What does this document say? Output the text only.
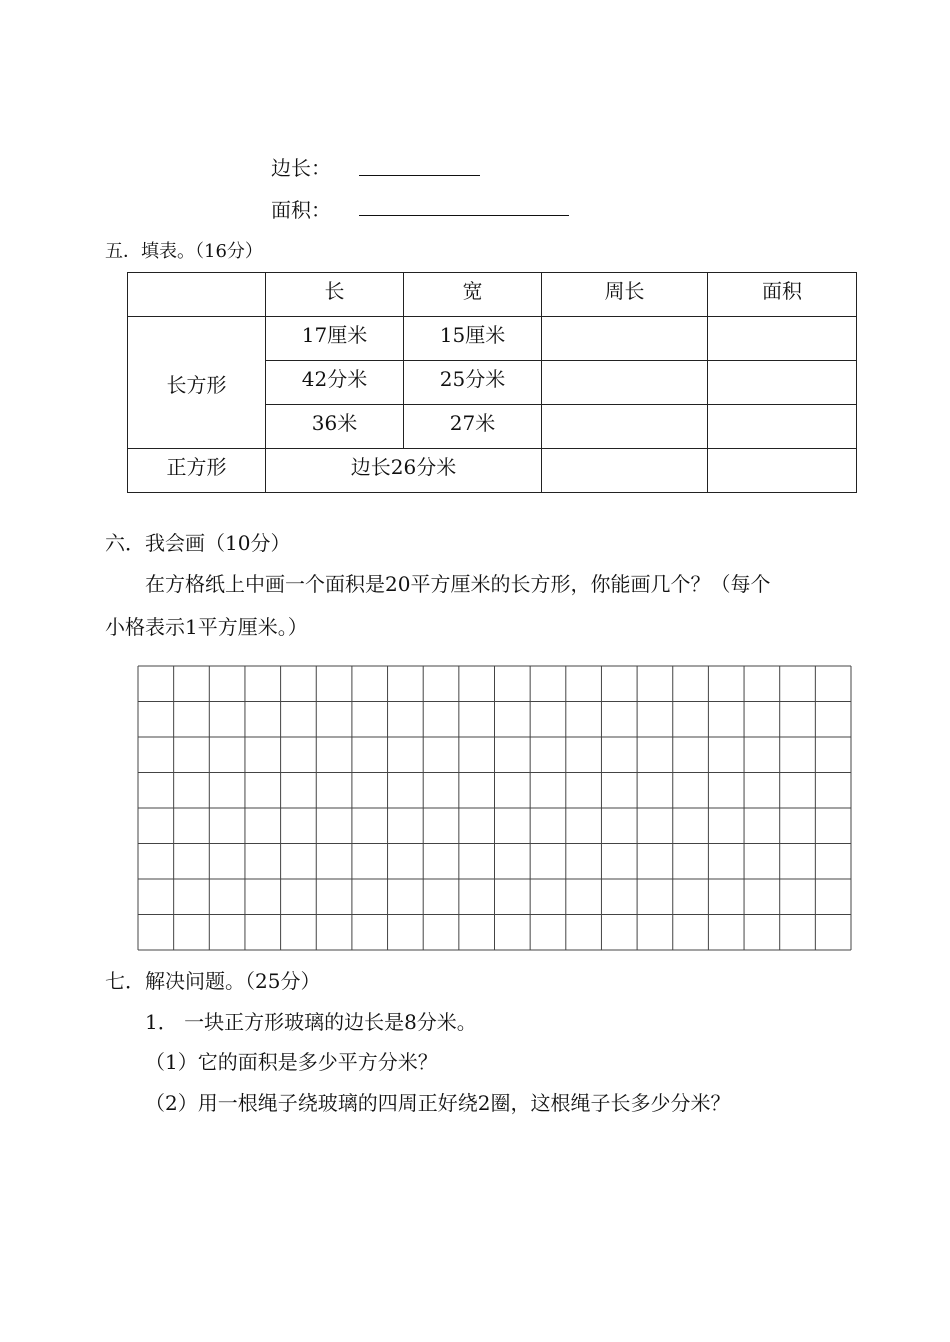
边长：
面积：
五．填表。（16分）
	长	宽	周长	面积
长方形	17厘米	15厘米		
	42分米	25分米		
	36米	27米		
正方形	边长26分米			
六．我会画（10分）
在方格纸上中画一个面积是20平方厘米的长方形，你能画几个？（每个
小格表示1平方厘米。）
七．解决问题。（25分）
1． 一块正方形玻璃的边长是8分米。
（1）它的面积是多少平方分米？
（2）用一根绳子绕玻璃的四周正好绕2圈，这根绳子长多少分米？
